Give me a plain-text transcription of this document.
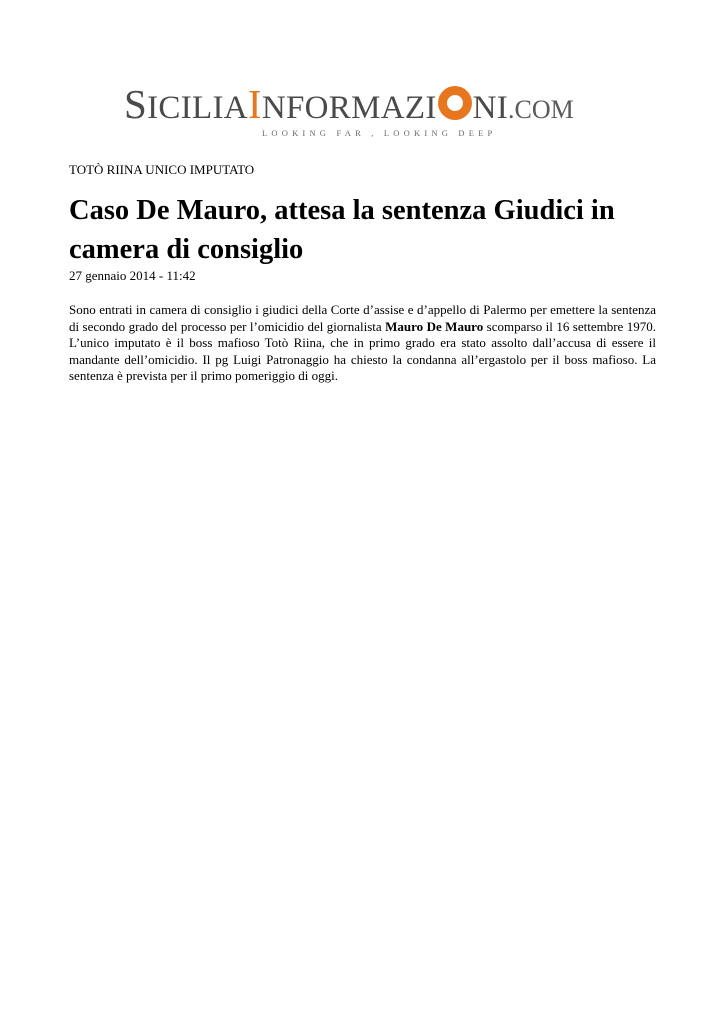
SICILIAINFORMAZI NI.COM
LOOKING FAR , LOOKING DEEP
TOTÒ RIINA UNICO IMPUTATO
Caso De Mauro, attesa la sentenza Giudici in camera di consiglio
27 gennaio 2014 - 11:42

Sono entrati in camera di consiglio i giudici della Corte d’assise e d’appello di Palermo per emettere la sentenza di secondo grado del processo per l’omicidio del giornalista Mauro De Mauro scomparso il 16 settembre 1970. L’unico imputato è il boss mafioso Totò Riina, che in primo grado era stato assolto dall’accusa di essere il mandante dell’omicidio. Il pg Luigi Patronaggio ha chiesto la condanna all’ergastolo per il boss mafioso. La sentenza è prevista per il primo pomeriggio di oggi.
